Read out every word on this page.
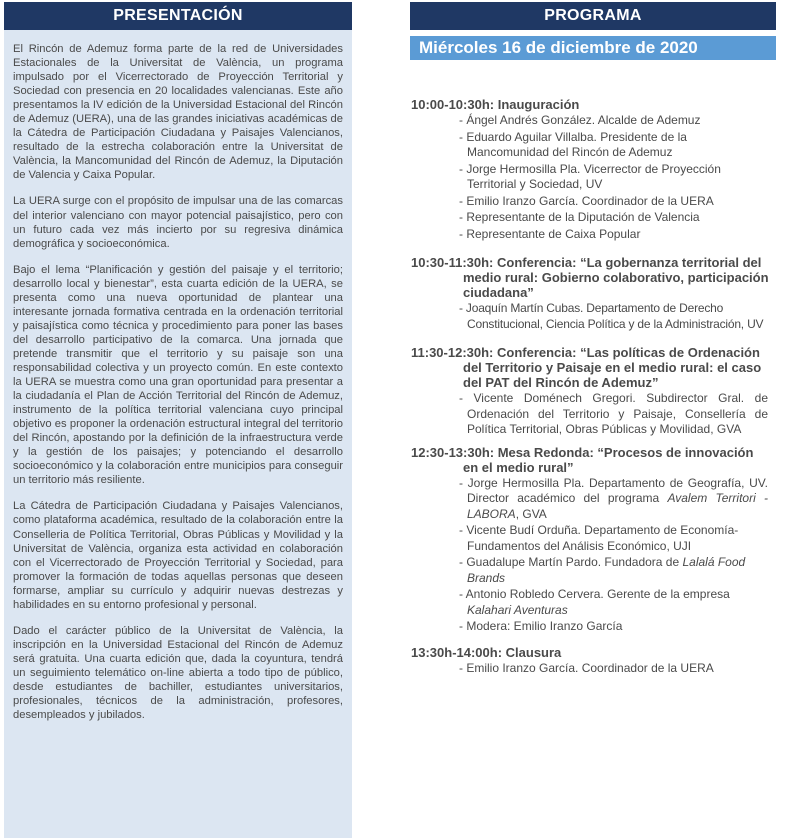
PRESENTACIÓN

El Rincón de Ademuz forma parte de la red de Universidades Estacionales de la Universitat de València, un programa impulsado por el Vicerrectorado de Proyección Territorial y Sociedad con presencia en 20 localidades valencianas. Este año presentamos la IV edición de la Universidad Estacional del Rincón de Ademuz (UERA), una de las grandes iniciativas académicas de la Cátedra de Participación Ciudadana y Paisajes Valencianos, resultado de la estrecha colaboración entre la Universitat de València, la Mancomunidad del Rincón de Ademuz, la Diputación de Valencia y Caixa Popular.

La UERA surge con el propósito de impulsar una de las comarcas del interior valenciano con mayor potencial paisajístico, pero con un futuro cada vez más incierto por su regresiva dinámica demográfica y socioeconómica.

Bajo el lema “Planificación y gestión del paisaje y el territorio; desarrollo local y bienestar”, esta cuarta edición de la UERA, se presenta como una nueva oportunidad de plantear una interesante jornada formativa centrada en la ordenación territorial y paisajística como técnica y procedimiento para poner las bases del desarrollo participativo de la comarca. Una jornada que pretende transmitir que el territorio y su paisaje son una responsabilidad colectiva y un proyecto común. En este contexto la UERA se muestra como una gran oportunidad para presentar a la ciudadanía el Plan de Acción Territorial del Rincón de Ademuz, instrumento de la política territorial valenciana cuyo principal objetivo es proponer la ordenación estructural integral del territorio del Rincón, apostando por la definición de la infraestructura verde y la gestión de los paisajes; y potenciando el desarrollo socioeconómico y la colaboración entre municipios para conseguir un territorio más resiliente.

La Cátedra de Participación Ciudadana y Paisajes Valencianos, como plataforma académica, resultado de la colaboración entre la Conselleria de Política Territorial, Obras Públicas y Movilidad y la Universitat de València, organiza esta actividad en colaboración con el Vicerrectorado de Proyección Territorial y Sociedad, para promover la formación de todas aquellas personas que deseen formarse, ampliar su currículo y adquirir nuevas destrezas y habilidades en su entorno profesional y personal.

Dado el carácter público de la Universitat de València, la inscripción en la Universidad Estacional del Rincón de Ademuz será gratuita. Una cuarta edición que, dada la coyuntura, tendrá un seguimiento telemático on-line abierta a todo tipo de público, desde estudiantes de bachiller, estudiantes universitarios, profesionales, técnicos de la administración, profesores, desempleados y jubilados.

PROGRAMA
Miércoles 16 de diciembre de 2020

10:00-10:30h: Inauguración

- Ángel Andrés González. Alcalde de Ademuz
- Eduardo Aguilar Villalba. Presidente de la Mancomunidad del Rincón de Ademuz
- Jorge Hermosilla Pla. Vicerrector de Proyección Territorial y Sociedad, UV
- Emilio Iranzo García. Coordinador de la UERA
- Representante de la Diputación de Valencia
- Representante de Caixa Popular

10:30-11:30h: Conferencia: “La gobernanza territorial del medio rural: Gobierno colaborativo, participación ciudadana”

- Joaquín Martín Cubas. Departamento de Derecho Constitucional, Ciencia Política y de la Administración, UV

11:30-12:30h: Conferencia: “Las políticas de Ordenación del Territorio y Paisaje en el medio rural: el caso del PAT del Rincón de Ademuz”

- Vicente Doménech Gregori. Subdirector Gral. de Ordenación del Territorio y Paisaje, Consellería de Política Territorial, Obras Públicas y Movilidad, GVA

12:30-13:30h: Mesa Redonda: “Procesos de innovación en el medio rural”

- Jorge Hermosilla Pla. Departamento de Geografía, UV. Director académico del programa Avalem Territori - LABORA, GVA
- Vicente Budí Orduña. Departamento de Economía-Fundamentos del Análisis Económico, UJI
- Guadalupe Martín Pardo. Fundadora de Lalalá Food Brands
- Antonio Robledo Cervera. Gerente de la empresa Kalahari Aventuras
- Modera: Emilio Iranzo García

13:30h-14:00h: Clausura

- Emilio Iranzo García. Coordinador de la UERA
